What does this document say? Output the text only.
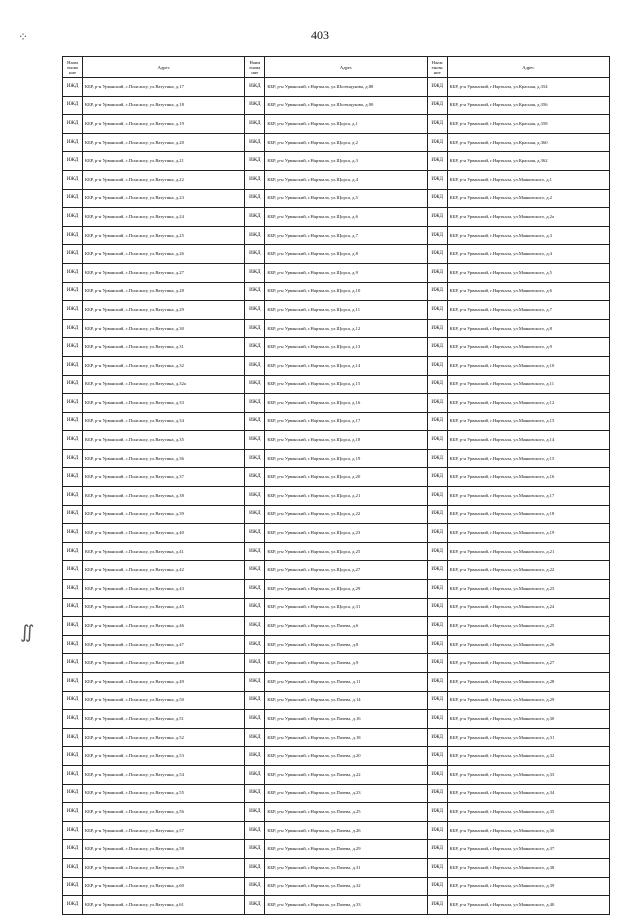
403
⁘
∬
Наим енова ние	Адрес	Наим енова ние	Адрес	Наим енова ние	Адрес
ИЖД	КБР, р-н Урванский, с.Псыгансу, ул.Ватутина, д.17	ИЖД	КБР, р-н Урванский, г.Нарткала, ул.Шогенцукова, д.88	ИЖД	КБР, р-н Урванский, г.Нарткала, ул.Красная, д.354
ИЖД	КБР, р-н Урванский, с.Псыгансу, ул.Ватутина, д.18	ИЖД	КБР, р-н Урванский, г.Нарткала, ул.Шогенцукова, д.90	ИЖД	КБР, р-н Урванский, г.Нарткала, ул.Красная, д.356
ИЖД	КБР, р-н Урванский, с.Псыгансу, ул.Ватутина, д.19	ИЖД	КБР, р-н Урванский, г.Нарткала, ул.Щорса, д.1	ИЖД	КБР, р-н Урванский, г.Нарткала, ул.Красная, д.358
ИЖД	КБР, р-н Урванский, с.Псыгансу, ул.Ватутина, д.20	ИЖД	КБР, р-н Урванский, г.Нарткала, ул.Щорса, д.2	ИЖД	КБР, р-н Урванский, г.Нарткала, ул.Красная, д.360
ИЖД	КБР, р-н Урванский, с.Псыгансу, ул.Ватутина, д.21	ИЖД	КБР, р-н Урванский, г.Нарткала, ул.Щорса, д.3	ИЖД	КБР, р-н Урванский, г.Нарткала, ул.Красная, д.362
ИЖД	КБР, р-н Урванский, с.Псыгансу, ул.Ватутина, д.22	ИЖД	КБР, р-н Урванский, г.Нарткала, ул.Щорса, д.4	ИЖД	КБР, р-н Урванский, г.Нарткала, ул.Маяковского, д.1
ИЖД	КБР, р-н Урванский, с.Псыгансу, ул.Ватутина, д.23	ИЖД	КБР, р-н Урванский, г.Нарткала, ул.Щорса, д.5	ИЖД	КБР, р-н Урванский, г.Нарткала, ул.Маяковского, д.2
ИЖД	КБР, р-н Урванский, с.Псыгансу, ул.Ватутина, д.24	ИЖД	КБР, р-н Урванский, г.Нарткала, ул.Щорса, д.6	ИЖД	КБР, р-н Урванский, г.Нарткала, ул.Маяковского, д.2а
ИЖД	КБР, р-н Урванский, с.Псыгансу, ул.Ватутина, д.25	ИЖД	КБР, р-н Урванский, г.Нарткала, ул.Щорса, д.7	ИЖД	КБР, р-н Урванский, г.Нарткала, ул.Маяковского, д.3
ИЖД	КБР, р-н Урванский, с.Псыгансу, ул.Ватутина, д.26	ИЖД	КБР, р-н Урванский, г.Нарткала, ул.Щорса, д.8	ИЖД	КБР, р-н Урванский, г.Нарткала, ул.Маяковского, д.4
ИЖД	КБР, р-н Урванский, с.Псыгансу, ул.Ватутина, д.27	ИЖД	КБР, р-н Урванский, г.Нарткала, ул.Щорса, д.9	ИЖД	КБР, р-н Урванский, г.Нарткала, ул.Маяковского, д.5
ИЖД	КБР, р-н Урванский, с.Псыгансу, ул.Ватутина, д.28	ИЖД	КБР, р-н Урванский, г.Нарткала, ул.Щорса, д.10	ИЖД	КБР, р-н Урванский, г.Нарткала, ул.Маяковского, д.6
ИЖД	КБР, р-н Урванский, с.Псыгансу, ул.Ватутина, д.29	ИЖД	КБР, р-н Урванский, г.Нарткала, ул.Щорса, д.11	ИЖД	КБР, р-н Урванский, г.Нарткала, ул.Маяковского, д.7
ИЖД	КБР, р-н Урванский, с.Псыгансу, ул.Ватутина, д.30	ИЖД	КБР, р-н Урванский, г.Нарткала, ул.Щорса, д.12	ИЖД	КБР, р-н Урванский, г.Нарткала, ул.Маяковского, д.8
ИЖД	КБР, р-н Урванский, с.Псыгансу, ул.Ватутина, д.31	ИЖД	КБР, р-н Урванский, г.Нарткала, ул.Щорса, д.13	ИЖД	КБР, р-н Урванский, г.Нарткала, ул.Маяковского, д.9
ИЖД	КБР, р-н Урванский, с.Псыгансу, ул.Ватутина, д.32	ИЖД	КБР, р-н Урванский, г.Нарткала, ул.Щорса, д.14	ИЖД	КБР, р-н Урванский, г.Нарткала, ул.Маяковского, д.10
ИЖД	КБР, р-н Урванский, с.Псыгансу, ул.Ватутина, д.32а	ИЖД	КБР, р-н Урванский, г.Нарткала, ул.Щорса, д.15	ИЖД	КБР, р-н Урванский, г.Нарткала, ул.Маяковского, д.11
ИЖД	КБР, р-н Урванский, с.Псыгансу, ул.Ватутина, д.33	ИЖД	КБР, р-н Урванский, г.Нарткала, ул.Щорса, д.16	ИЖД	КБР, р-н Урванский, г.Нарткала, ул.Маяковского, д.12
ИЖД	КБР, р-н Урванский, с.Псыгансу, ул.Ватутина, д.34	ИЖД	КБР, р-н Урванский, г.Нарткала, ул.Щорса, д.17	ИЖД	КБР, р-н Урванский, г.Нарткала, ул.Маяковского, д.13
ИЖД	КБР, р-н Урванский, с.Псыгансу, ул.Ватутина, д.35	ИЖД	КБР, р-н Урванский, г.Нарткала, ул.Щорса, д.18	ИЖД	КБР, р-н Урванский, г.Нарткала, ул.Маяковского, д.14
ИЖД	КБР, р-н Урванский, с.Псыгансу, ул.Ватутина, д.36	ИЖД	КБР, р-н Урванский, г.Нарткала, ул.Щорса, д.19	ИЖД	КБР, р-н Урванский, г.Нарткала, ул.Маяковского, д.15
ИЖД	КБР, р-н Урванский, с.Псыгансу, ул.Ватутина, д.37	ИЖД	КБР, р-н Урванский, г.Нарткала, ул.Щорса, д.20	ИЖД	КБР, р-н Урванский, г.Нарткала, ул.Маяковского, д.16
ИЖД	КБР, р-н Урванский, с.Псыгансу, ул.Ватутина, д.38	ИЖД	КБР, р-н Урванский, г.Нарткала, ул.Щорса, д.21	ИЖД	КБР, р-н Урванский, г.Нарткала, ул.Маяковского, д.17
ИЖД	КБР, р-н Урванский, с.Псыгансу, ул.Ватутина, д.39	ИЖД	КБР, р-н Урванский, г.Нарткала, ул.Щорса, д.22	ИЖД	КБР, р-н Урванский, г.Нарткала, ул.Маяковского, д.18
ИЖД	КБР, р-н Урванский, с.Псыгансу, ул.Ватутина, д.40	ИЖД	КБР, р-н Урванский, г.Нарткала, ул.Щорса, д.23	ИЖД	КБР, р-н Урванский, г.Нарткала, ул.Маяковского, д.19
ИЖД	КБР, р-н Урванский, с.Псыгансу, ул.Ватутина, д.41	ИЖД	КБР, р-н Урванский, г.Нарткала, ул.Щорса, д.25	ИЖД	КБР, р-н Урванский, г.Нарткала, ул.Маяковского, д.21
ИЖД	КБР, р-н Урванский, с.Псыгансу, ул.Ватутина, д.42	ИЖД	КБР, р-н Урванский, г.Нарткала, ул.Щорса, д.27	ИЖД	КБР, р-н Урванский, г.Нарткала, ул.Маяковского, д.22
ИЖД	КБР, р-н Урванский, с.Псыгансу, ул.Ватутина, д.43	ИЖД	КБР, р-н Урванский, г.Нарткала, ул.Щорса, д.29	ИЖД	КБР, р-н Урванский, г.Нарткала, ул.Маяковского, д.23
ИЖД	КБР, р-н Урванский, с.Псыгансу, ул.Ватутина, д.45	ИЖД	КБР, р-н Урванский, г.Нарткала, ул.Щорса, д.31	ИЖД	КБР, р-н Урванский, г.Нарткала, ул.Маяковского, д.24
ИЖД	КБР, р-н Урванский, с.Псыгансу, ул.Ватутина, д.46	ИЖД	КБР, р-н Урванский, г.Нарткала, ул.Пачева, д.6	ИЖД	КБР, р-н Урванский, г.Нарткала, ул.Маяковского, д.25
ИЖД	КБР, р-н Урванский, с.Псыгансу, ул.Ватутина, д.47	ИЖД	КБР, р-н Урванский, г.Нарткала, ул.Пачева, д.8	ИЖД	КБР, р-н Урванский, г.Нарткала, ул.Маяковского, д.26
ИЖД	КБР, р-н Урванский, с.Псыгансу, ул.Ватутина, д.48	ИЖД	КБР, р-н Урванский, г.Нарткала, ул.Пачева, д.9	ИЖД	КБР, р-н Урванский, г.Нарткала, ул.Маяковского, д.27
ИЖД	КБР, р-н Урванский, с.Псыгансу, ул.Ватутина, д.49	ИЖД	КБР, р-н Урванский, г.Нарткала, ул.Пачева, д.11	ИЖД	КБР, р-н Урванский, г.Нарткала, ул.Маяковского, д.28
ИЖД	КБР, р-н Урванский, с.Псыгансу, ул.Ватутина, д.50	ИЖД	КБР, р-н Урванский, г.Нарткала, ул.Пачева, д.14	ИЖД	КБР, р-н Урванский, г.Нарткала, ул.Маяковского, д.29
ИЖД	КБР, р-н Урванский, с.Псыгансу, ул.Ватутина, д.51	ИЖД	КБР, р-н Урванский, г.Нарткала, ул.Пачева, д.16	ИЖД	КБР, р-н Урванский, г.Нарткала, ул.Маяковского, д.30
ИЖД	КБР, р-н Урванский, с.Псыгансу, ул.Ватутина, д.52	ИЖД	КБР, р-н Урванский, г.Нарткала, ул.Пачева, д.18	ИЖД	КБР, р-н Урванский, г.Нарткала, ул.Маяковского, д.31
ИЖД	КБР, р-н Урванский, с.Псыгансу, ул.Ватутина, д.53	ИЖД	КБР, р-н Урванский, г.Нарткала, ул.Пачева, д.20	ИЖД	КБР, р-н Урванский, г.Нарткала, ул.Маяковского, д.32
ИЖД	КБР, р-н Урванский, с.Псыгансу, ул.Ватутина, д.54	ИЖД	КБР, р-н Урванский, г.Нарткала, ул.Пачева, д.22	ИЖД	КБР, р-н Урванский, г.Нарткала, ул.Маяковского, д.33
ИЖД	КБР, р-н Урванский, с.Псыгансу, ул.Ватутина, д.55	ИЖД	КБР, р-н Урванский, г.Нарткала, ул.Пачева, д.23	ИЖД	КБР, р-н Урванский, г.Нарткала, ул.Маяковского, д.34
ИЖД	КБР, р-н Урванский, с.Псыгансу, ул.Ватутина, д.56	ИЖД	КБР, р-н Урванский, г.Нарткала, ул.Пачева, д.25	ИЖД	КБР, р-н Урванский, г.Нарткала, ул.Маяковского, д.35
ИЖД	КБР, р-н Урванский, с.Псыгансу, ул.Ватутина, д.57	ИЖД	КБР, р-н Урванский, г.Нарткала, ул.Пачева, д.26	ИЖД	КБР, р-н Урванский, г.Нарткала, ул.Маяковского, д.36
ИЖД	КБР, р-н Урванский, с.Псыгансу, ул.Ватутина, д.58	ИЖД	КБР, р-н Урванский, г.Нарткала, ул.Пачева, д.29	ИЖД	КБР, р-н Урванский, г.Нарткала, ул.Маяковского, д.37
ИЖД	КБР, р-н Урванский, с.Псыгансу, ул.Ватутина, д.59	ИЖД	КБР, р-н Урванский, г.Нарткала, ул.Пачева, д.31	ИЖД	КБР, р-н Урванский, г.Нарткала, ул.Маяковского, д.38
ИЖД	КБР, р-н Урванский, с.Псыгансу, ул.Ватутина, д.60	ИЖД	КБР, р-н Урванский, г.Нарткала, ул.Пачева, д.32	ИЖД	КБР, р-н Урванский, г.Нарткала, ул.Маяковского, д.39
ИЖД	КБР, р-н Урванский, с.Псыгансу, ул.Ватутина, д.61	ИЖД	КБР, р-н Урванский, г.Нарткала, ул.Пачева, д.33	ИЖД	КБР, р-н Урванский, г.Нарткала, ул.Маяковского, д.40
